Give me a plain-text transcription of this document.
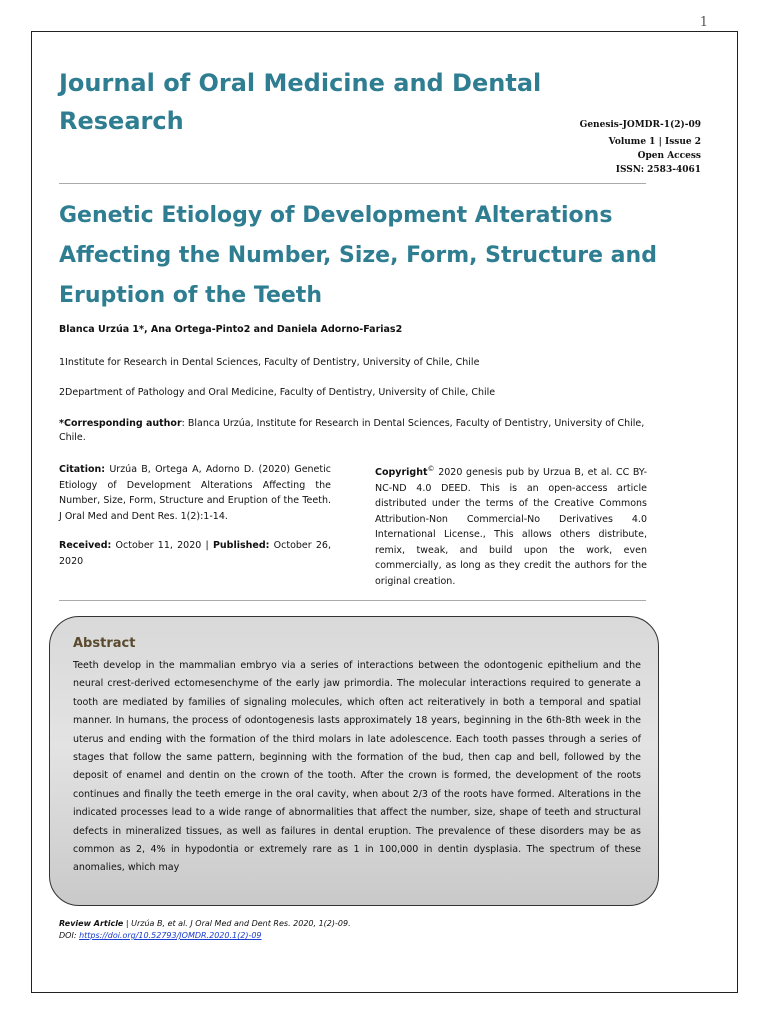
1
Journal of Oral Medicine and Dental Research	Genesis-JOMDR-1(2)-09
Volume 1 | Issue 2
Open Access
ISSN: 2583-4061
Genetic Etiology of Development Alterations Affecting the Number, Size, Form, Structure and Eruption of the Teeth
Blanca Urzúa 1*, Ana Ortega-Pinto2 and Daniela Adorno-Farias2
1Institute for Research in Dental Sciences, Faculty of Dentistry, University of Chile, Chile
2Department of Pathology and Oral Medicine, Faculty of Dentistry, University of Chile, Chile
*Corresponding author: Blanca Urzúa, Institute for Research in Dental Sciences, Faculty of Dentistry, University of Chile, Chile.
Citation: Urzúa B, Ortega A, Adorno D. (2020) Genetic Etiology of Development Alterations Affecting the Number, Size, Form, Structure and Eruption of the Teeth. J Oral Med and Dent Res. 1(2):1-14.
Received: October 11, 2020 | Published: October 26, 2020
Copyright© 2020 genesis pub by Urzua B, et al. CC BY-NC-ND 4.0 DEED. This is an open-access article distributed under the terms of the Creative Commons Attribution-Non Commercial-No Derivatives 4.0 International License., This allows others distribute, remix, tweak, and build upon the work, even commercially, as long as they credit the authors for the original creation.
Abstract

Teeth develop in the mammalian embryo via a series of interactions between the odontogenic epithelium and the neural crest-derived ectomesenchyme of the early jaw primordia. The molecular interactions required to generate a tooth are mediated by families of signaling molecules, which often act reiteratively in both a temporal and spatial manner. In humans, the process of odontogenesis lasts approximately 18 years, beginning in the 6th-8th week in the uterus and ending with the formation of the third molars in late adolescence. Each tooth passes through a series of stages that follow the same pattern, beginning with the formation of the bud, then cap and bell, followed by the deposit of enamel and dentin on the crown of the tooth. After the crown is formed, the development of the roots continues and finally the teeth emerge in the oral cavity, when about 2/3 of the roots have formed. Alterations in the indicated processes lead to a wide range of abnormalities that affect the number, size, shape of teeth and structural defects in mineralized tissues, as well as failures in dental eruption. The prevalence of these disorders may be as common as 2, 4% in hypodontia or extremely rare as 1 in 100,000 in dentin dysplasia. The spectrum of these anomalies, which may

Review Article | Urzúa B, et al. J Oral Med and Dent Res. 2020, 1(2)-09.
DOI: https://doi.org/10.52793/JOMDR.2020.1(2)-09
